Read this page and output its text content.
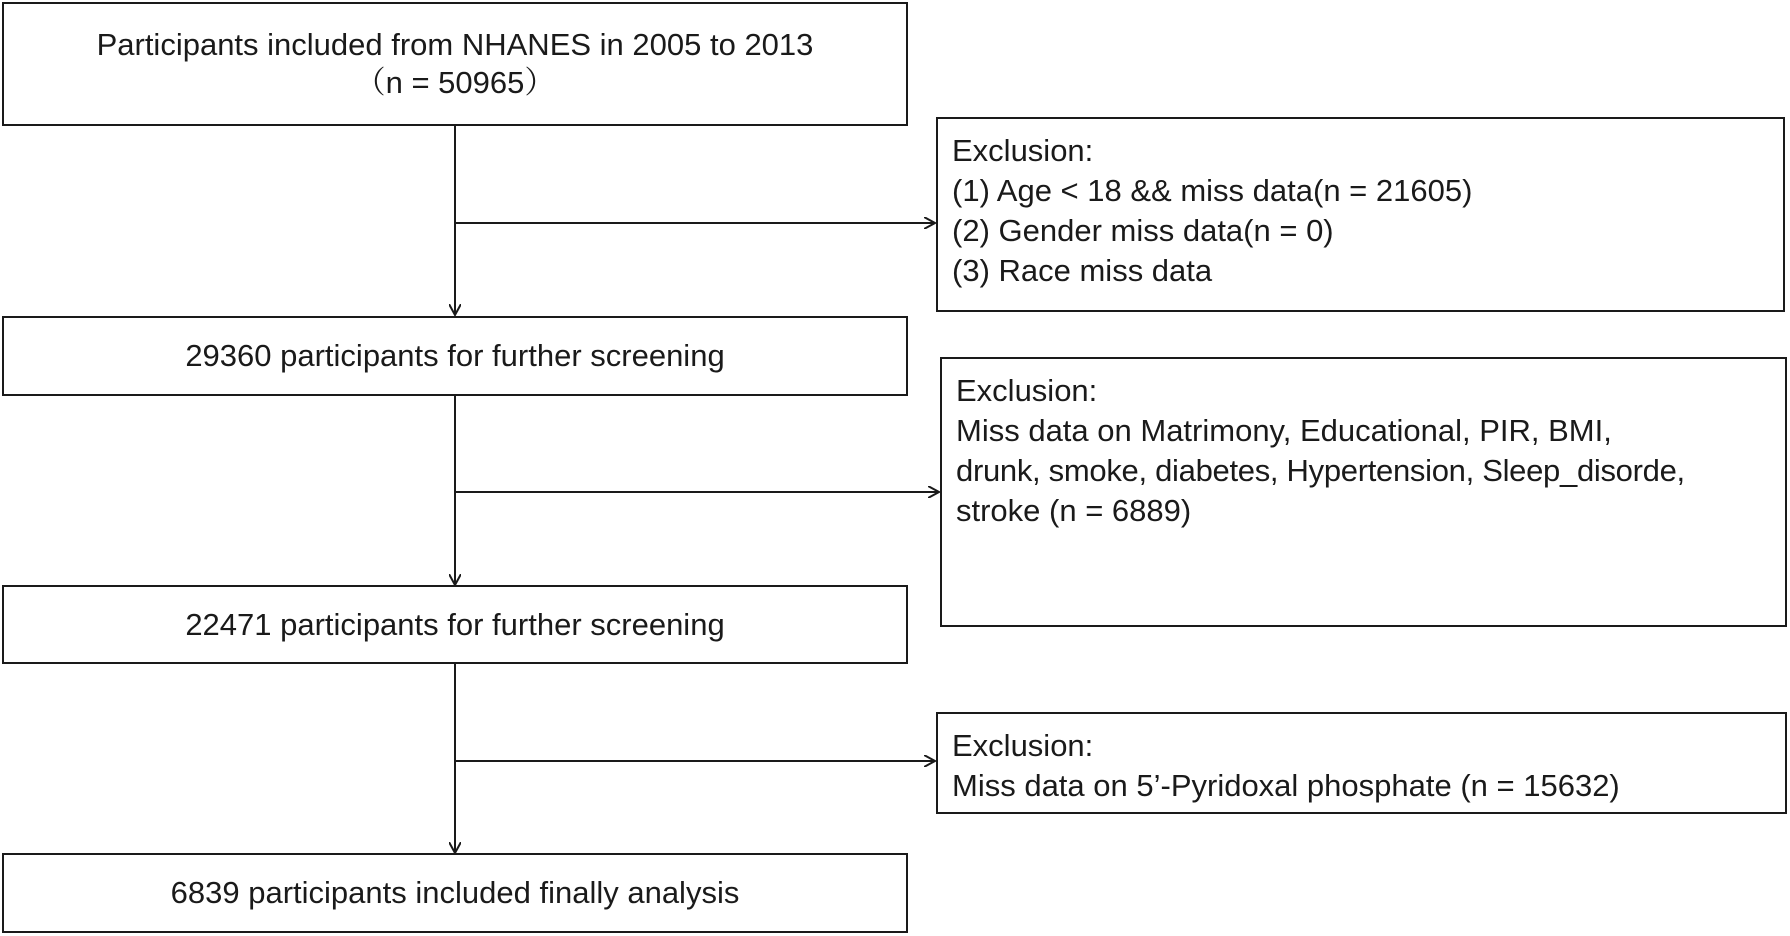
Participants included from NHANES in 2005 to 2013
（n = 50965）
29360 participants for further screening
22471 participants for further screening
6839 participants included finally analysis
Exclusion:
(1) Age < 18 && miss data(n = 21605)
(2) Gender miss data(n = 0)
(3) Race miss data
Exclusion:
Miss data on Matrimony, Educational, PIR, BMI,
drunk, smoke, diabetes, Hypertension, Sleep_disorde,
stroke (n = 6889)
Exclusion:
Miss data on 5’-Pyridoxal phosphate (n = 15632)
